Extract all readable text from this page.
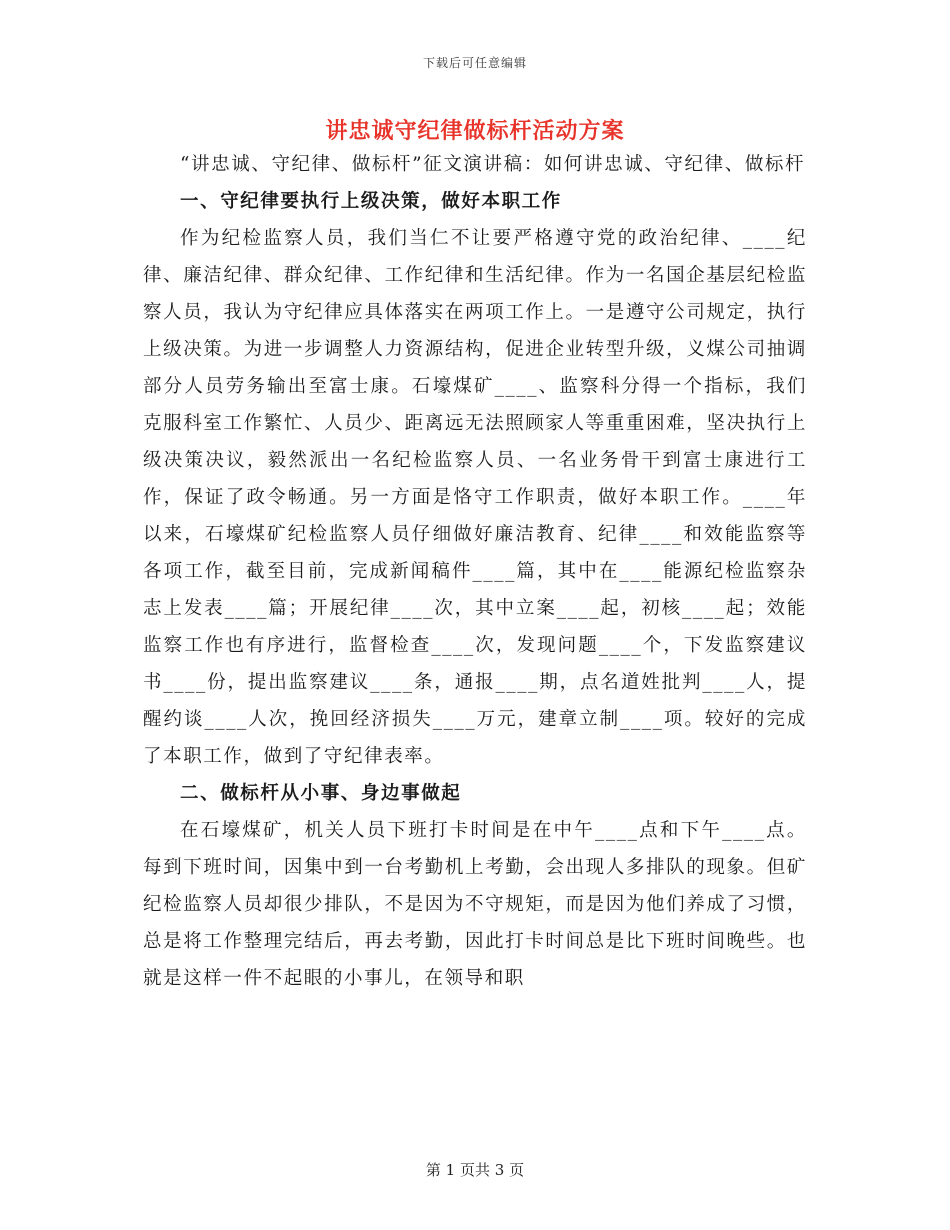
下载后可任意编辑
讲忠诚守纪律做标杆活动方案

“讲忠诚、守纪律、做标杆”征文演讲稿：如何讲忠诚、守纪律、做标杆

一、守纪律要执行上级决策，做好本职工作

作为纪检监察人员，我们当仁不让要严格遵守党的政治纪律、____纪律、廉洁纪律、群众纪律、工作纪律和生活纪律。作为一名国企基层纪检监察人员，我认为守纪律应具体落实在两项工作上。一是遵守公司规定，执行上级决策。为进一步调整人力资源结构，促进企业转型升级，义煤公司抽调部分人员劳务输出至富士康。石壕煤矿____、监察科分得一个指标，我们克服科室工作繁忙、人员少、距离远无法照顾家人等重重困难，坚决执行上级决策决议，毅然派出一名纪检监察人员、一名业务骨干到富士康进行工作，保证了政令畅通。另一方面是恪守工作职责，做好本职工作。____年以来，石壕煤矿纪检监察人员仔细做好廉洁教育、纪律____和效能监察等各项工作，截至目前，完成新闻稿件____篇，其中在____能源纪检监察杂志上发表____篇；开展纪律____次，其中立案____起，初核____起；效能监察工作也有序进行，监督检查____次，发现问题____个，下发监察建议书____份，提出监察建议____条，通报____期，点名道姓批判____人，提醒约谈____人次，挽回经济损失____万元，建章立制____项。较好的完成了本职工作，做到了守纪律表率。

二、做标杆从小事、身边事做起

在石壕煤矿，机关人员下班打卡时间是在中午____点和下午____点。每到下班时间，因集中到一台考勤机上考勤，会出现人多排队的现象。但矿纪检监察人员却很少排队，不是因为不守规矩，而是因为他们养成了习惯，总是将工作整理完结后，再去考勤，因此打卡时间总是比下班时间晚些。也就是这样一件不起眼的小事儿，在领导和职

第 1 页共 3 页
